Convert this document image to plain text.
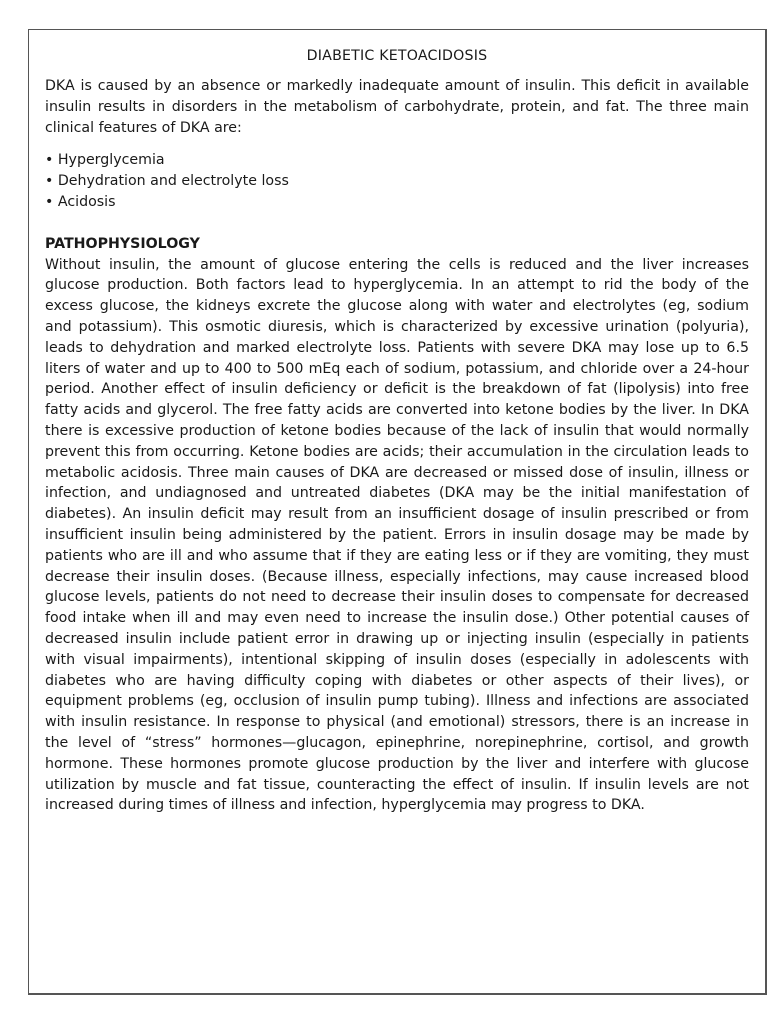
DIABETIC KETOACIDOSIS

DKA is caused by an absence or markedly inadequate amount of insulin. This deficit in available insulin results in disorders in the metabolism of carbohydrate, protein, and fat. The three main clinical features of DKA are:

• Hyperglycemia
• Dehydration and electrolyte loss
• Acidosis
PATHOPHYSIOLOGY

Without insulin, the amount of glucose entering the cells is reduced and the liver increases glucose production. Both factors lead to hyperglycemia. In an attempt to rid the body of the excess glucose, the kidneys excrete the glucose along with water and electrolytes (eg, sodium and potassium). This osmotic diuresis, which is characterized by excessive urination (polyuria), leads to dehydration and marked electrolyte loss. Patients with severe DKA may lose up to 6.5 liters of water and up to 400 to 500 mEq each of sodium, potassium, and chloride over a 24-hour period. Another effect of insulin deficiency or deficit is the breakdown of fat (lipolysis) into free fatty acids and glycerol. The free fatty acids are converted into ketone bodies by the liver. In DKA there is excessive production of ketone bodies because of the lack of insulin that would normally prevent this from occurring. Ketone bodies are acids; their accumulation in the circulation leads to metabolic acidosis. Three main causes of DKA are decreased or missed dose of insulin, illness or infection, and undiagnosed and untreated diabetes (DKA may be the initial manifestation of diabetes). An insulin deficit may result from an insufficient dosage of insulin prescribed or from insufficient insulin being administered by the patient. Errors in insulin dosage may be made by patients who are ill and who assume that if they are eating less or if they are vomiting, they must decrease their insulin doses. (Because illness, especially infections, may cause increased blood glucose levels, patients do not need to decrease their insulin doses to compensate for decreased food intake when ill and may even need to increase the insulin dose.) Other potential causes of decreased insulin include patient error in drawing up or injecting insulin (especially in patients with visual impairments), intentional skipping of insulin doses (especially in adolescents with diabetes who are having difficulty coping with diabetes or other aspects of their lives), or equipment problems (eg, occlusion of insulin pump tubing). Illness and infections are associated with insulin resistance. In response to physical (and emotional) stressors, there is an increase in the level of “stress” hormones—glucagon, epinephrine, norepinephrine, cortisol, and growth hormone. These hormones promote glucose production by the liver and interfere with glucose utilization by muscle and fat tissue, counteracting the effect of insulin. If insulin levels are not increased during times of illness and infection, hyperglycemia may progress to DKA.
